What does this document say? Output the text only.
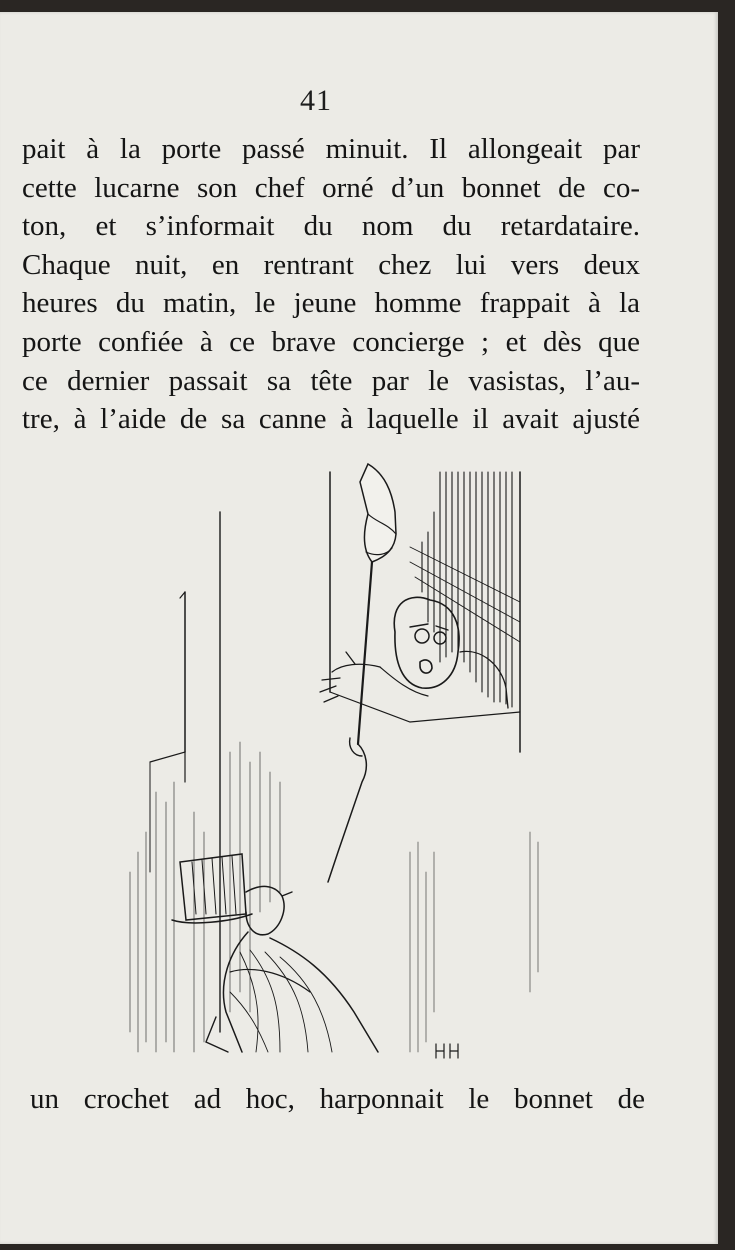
41

pait à la porte passé minuit. Il allongeait par
cette lucarne son chef orné d’un bonnet de co-
ton, et s’informait du nom du retardataire.
Chaque nuit, en rentrant chez lui vers deux
heures du matin, le jeune homme frappait à la
porte confiée à ce brave concierge ; et dès que
ce dernier passait sa tête par le vasistas, l’au-
tre, à l’aide de sa canne à laquelle il avait ajusté

un crochet ad hoc, harponnait le bonnet de
